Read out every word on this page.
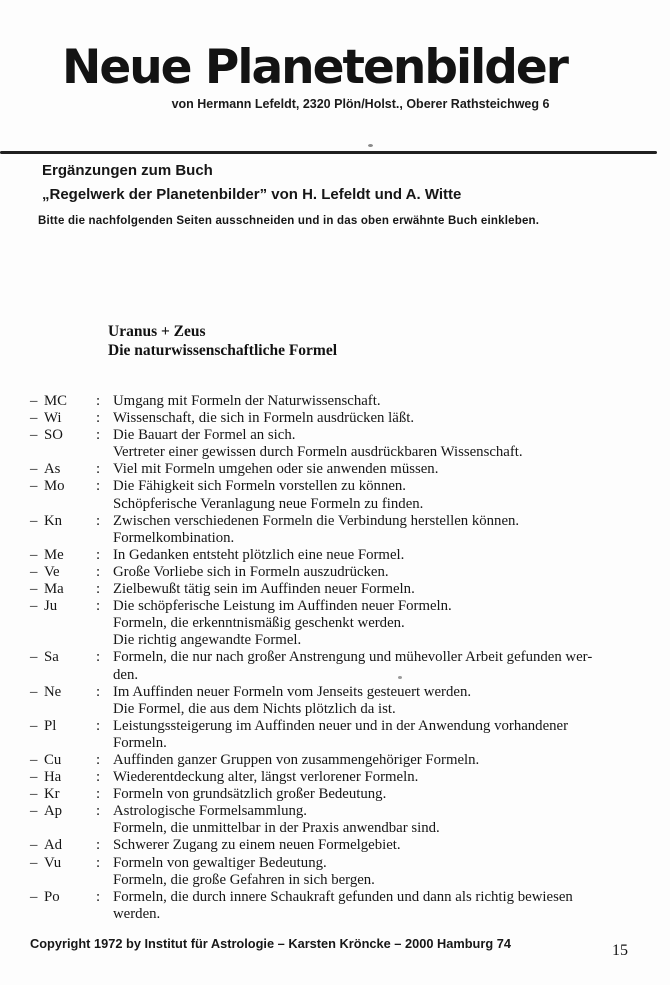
Neue Planetenbilder
von Hermann Lefeldt, 2320 Plön/Holst., Oberer Rathsteichweg 6
Ergänzungen zum Buch
„Regelwerk der Planetenbilder” von H. Lefeldt und A. Witte
Bitte die nachfolgenden Seiten ausschneiden und in das oben erwähnte Buch einkleben.
Uranus + Zeus
Die naturwissenschaftliche Formel
– MC	: Umgang mit Formeln der Naturwissenschaft.
– Wi	: Wissenschaft, die sich in Formeln ausdrücken läßt.
– SO	: Die Bauart der Formel an sich.
Vertreter einer gewissen durch Formeln ausdrückbaren Wissenschaft.
– As	: Viel mit Formeln umgehen oder sie anwenden müssen.
– Mo	: Die Fähigkeit sich Formeln vorstellen zu können.
Schöpferische Veranlagung neue Formeln zu finden.
– Kn	: Zwischen verschiedenen Formeln die Verbindung herstellen können.
Formelkombination.
– Me	: In Gedanken entsteht plötzlich eine neue Formel.
– Ve	: Große Vorliebe sich in Formeln auszudrücken.
– Ma	: Zielbewußt tätig sein im Auffinden neuer Formeln.
– Ju	: Die schöpferische Leistung im Auffinden neuer Formeln.
Formeln, die erkenntnismäßig geschenkt werden.
Die richtig angewandte Formel.
– Sa	: Formeln, die nur nach großer Anstrengung und mühevoller Arbeit gefunden wer-
den.
– Ne	: Im Auffinden neuer Formeln vom Jenseits gesteuert werden.
Die Formel, die aus dem Nichts plötzlich da ist.
– Pl	: Leistungssteigerung im Auffinden neuer und in der Anwendung vorhandener
Formeln.
– Cu	: Auffinden ganzer Gruppen von zusammengehöriger Formeln.
– Ha	: Wiederentdeckung alter, längst verlorener Formeln.
– Kr	: Formeln von grundsätzlich großer Bedeutung.
– Ap	: Astrologische Formelsammlung.
Formeln, die unmittelbar in der Praxis anwendbar sind.
– Ad	: Schwerer Zugang zu einem neuen Formelgebiet.
– Vu	: Formeln von gewaltiger Bedeutung.
Formeln, die große Gefahren in sich bergen.
– Po	: Formeln, die durch innere Schaukraft gefunden und dann als richtig bewiesen
werden.
Copyright 1972 by Institut für Astrologie – Karsten Kröncke – 2000 Hamburg 74	15
